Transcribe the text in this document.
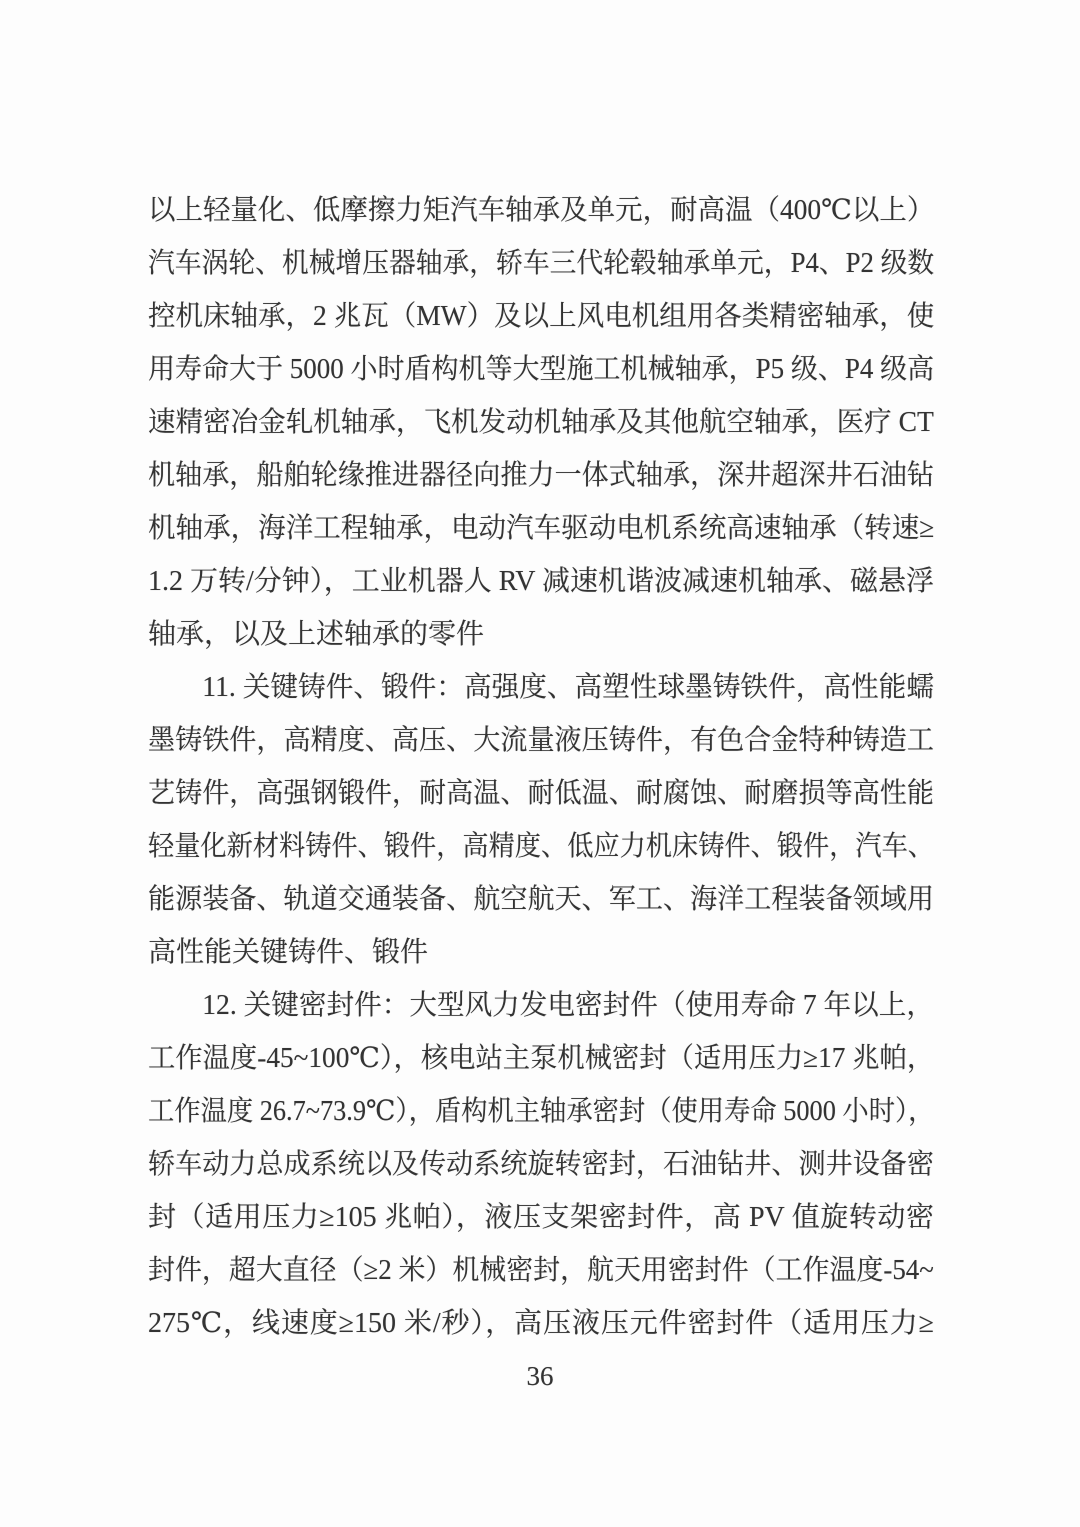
以上轻量化、低摩擦力矩汽车轴承及单元，耐高温（400℃以上）
汽车涡轮、机械增压器轴承，轿车三代轮毂轴承单元，P4、P2 级数
控机床轴承，2 兆瓦（MW）及以上风电机组用各类精密轴承，使
用寿命大于 5000 小时盾构机等大型施工机械轴承，P5 级、P4 级高
速精密冶金轧机轴承，飞机发动机轴承及其他航空轴承，医疗 CT
机轴承，船舶轮缘推进器径向推力一体式轴承，深井超深井石油钻
机轴承，海洋工程轴承，电动汽车驱动电机系统高速轴承（转速≥
1.2 万转/分钟），工业机器人 RV 减速机谐波减速机轴承、磁悬浮
轴承，以及上述轴承的零件
11. 关键铸件、锻件：高强度、高塑性球墨铸铁件，高性能蠕
墨铸铁件，高精度、高压、大流量液压铸件，有色合金特种铸造工
艺铸件，高强钢锻件，耐高温、耐低温、耐腐蚀、耐磨损等高性能
轻量化新材料铸件、锻件，高精度、低应力机床铸件、锻件，汽车、
能源装备、轨道交通装备、航空航天、军工、海洋工程装备领域用
高性能关键铸件、锻件
12. 关键密封件：大型风力发电密封件（使用寿命 7 年以上，
工作温度-45~100℃），核电站主泵机械密封（适用压力≥17 兆帕，
工作温度 26.7~73.9℃），盾构机主轴承密封（使用寿命 5000 小时），
轿车动力总成系统以及传动系统旋转密封，石油钻井、测井设备密
封（适用压力≥105 兆帕），液压支架密封件，高 PV 值旋转动密
封件，超大直径（≥2 米）机械密封，航天用密封件（工作温度-54~
275℃，线速度≥150 米/秒），高压液压元件密封件（适用压力≥
36
